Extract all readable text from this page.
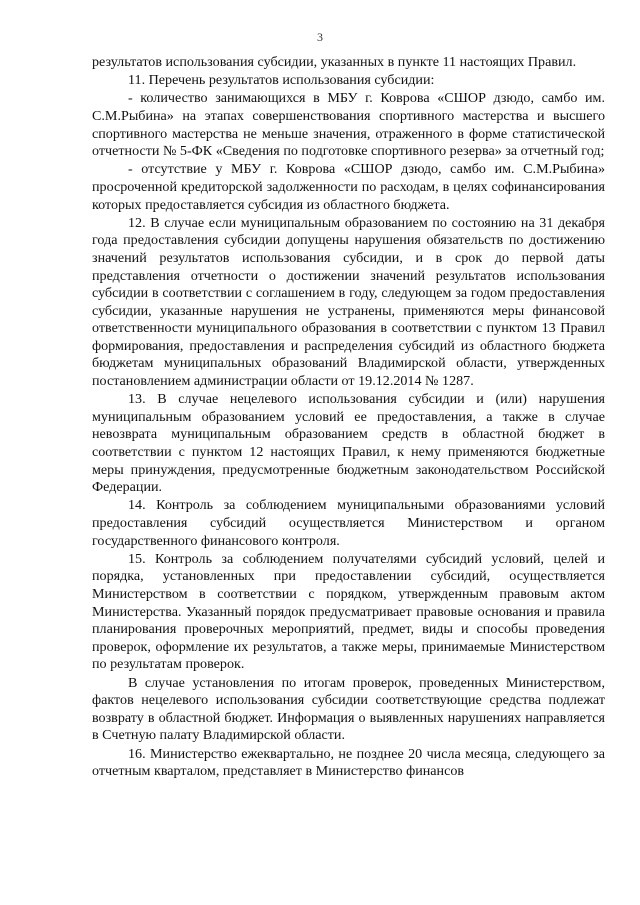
3

результатов использования субсидии, указанных в пункте 11 настоящих Правил.

11. Перечень результатов использования субсидии:

- количество занимающихся в МБУ г. Коврова «СШОР дзюдо, самбо им. С.М.Рыбина» на этапах совершенствования спортивного мастерства и высшего спортивного мастерства не меньше значения, отраженного в форме статистической отчетности № 5-ФК «Сведения по подготовке спортивного резерва» за отчетный год;

- отсутствие у МБУ г. Коврова «СШОР дзюдо, самбо им. С.М.Рыбина» просроченной кредиторской задолженности по расходам, в целях софинансирования которых предоставляется субсидия из областного бюджета.

12. В случае если муниципальным образованием по состоянию на 31 декабря года предоставления субсидии допущены нарушения обязательств по достижению значений результатов использования субсидии, и в срок до первой даты представления отчетности о достижении значений результатов использования субсидии в соответствии с соглашением в году, следующем за годом предоставления субсидии, указанные нарушения не устранены, применяются меры финансовой ответственности муниципального образования в соответствии с пунктом 13 Правил формирования, предоставления и распределения субсидий из областного бюджета бюджетам муниципальных образований Владимирской области, утвержденных постановлением администрации области от 19.12.2014 № 1287.

13. В случае нецелевого использования субсидии и (или) нарушения муниципальным образованием условий ее предоставления, а также в случае невозврата муниципальным образованием средств в областной бюджет в соответствии с пунктом 12 настоящих Правил, к нему применяются бюджетные меры принуждения, предусмотренные бюджетным законодательством Российской Федерации.

14. Контроль за соблюдением муниципальными образованиями условий предоставления субсидий осуществляется Министерством и органом государственного финансового контроля.

15. Контроль за соблюдением получателями субсидий условий, целей и порядка, установленных при предоставлении субсидий, осуществляется Министерством в соответствии с порядком, утвержденным правовым актом Министерства. Указанный порядок предусматривает правовые основания и правила планирования проверочных мероприятий, предмет, виды и способы проведения проверок, оформление их результатов, а также меры, принимаемые Министерством по результатам проверок.

В случае установления по итогам проверок, проведенных Министерством, фактов нецелевого использования субсидии соответствующие средства подлежат возврату в областной бюджет. Информация о выявленных нарушениях направляется в Счетную палату Владимирской области.

16. Министерство ежеквартально, не позднее 20 числа месяца, следующего за отчетным кварталом, представляет в Министерство финансов
